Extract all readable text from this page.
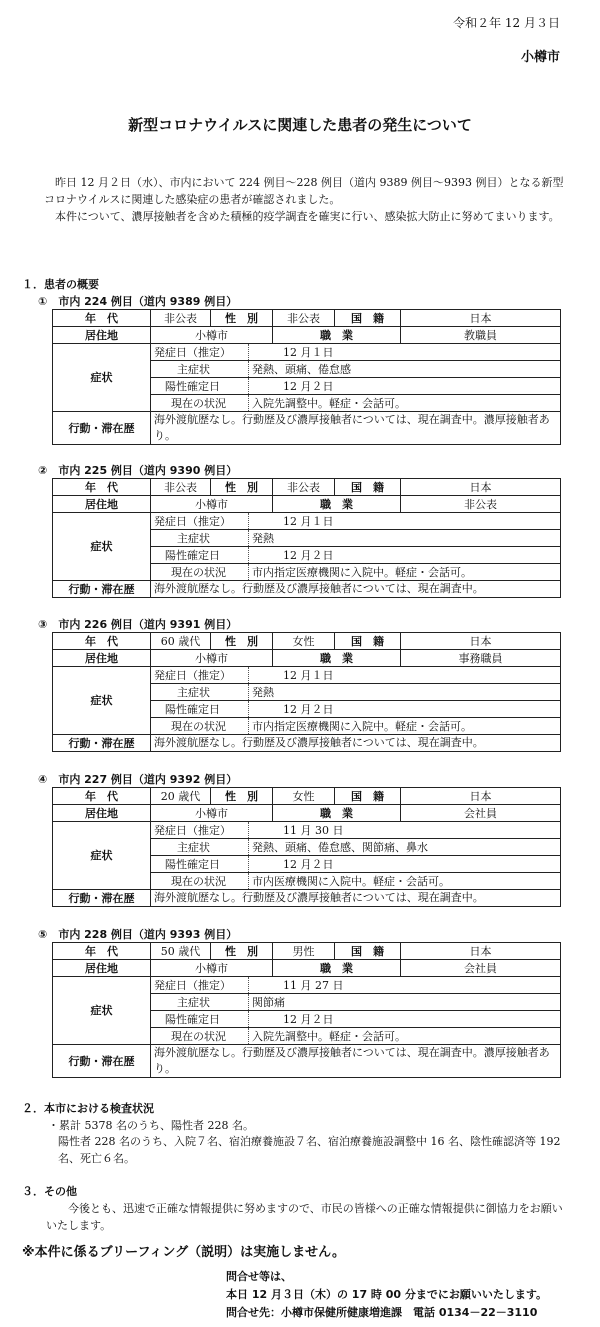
令和２年 12 月３日
小樽市
新型コロナウイルスに関連した患者の発生について
昨日 12 月２日（水）、市内において 224 例目～228 例目（道内 9389 例目～9393 例目）となる新型コロナウイルスに関連した感染症の患者が確認されました。
本件について、濃厚接触者を含めた積極的疫学調査を確実に行い、感染拡大防止に努めてまいります。
１．患者の概要
①　市内 224 例目（道内 9389 例目）
年　代	非公表	性　別		非公表	国　籍	日本
居住地	小樽市			職　業		教職員
症状	発症日（推定）		12 月１日			
	主症状		発熱、頭痛、倦怠感			
	陽性確定日		12 月２日			
	現在の状況		入院先調整中。軽症・会話可。			
行動・滞在歴	海外渡航歴なし。行動歴及び濃厚接触者については、現在調査中。濃厚接触者あり。					
②　市内 225 例目（道内 9390 例目）
年　代	非公表	性　別		非公表	国　籍	日本
居住地	小樽市			職　業		非公表
症状	発症日（推定）		12 月１日			
	主症状		発熱			
	陽性確定日		12 月２日			
	現在の状況		市内指定医療機関に入院中。軽症・会話可。			
行動・滞在歴	海外渡航歴なし。行動歴及び濃厚接触者については、現在調査中。					
③　市内 226 例目（道内 9391 例目）
年　代	60 歳代	性　別		女性	国　籍	日本
居住地	小樽市			職　業		事務職員
症状	発症日（推定）		12 月１日			
	主症状		発熱			
	陽性確定日		12 月２日			
	現在の状況		市内指定医療機関に入院中。軽症・会話可。			
行動・滞在歴	海外渡航歴なし。行動歴及び濃厚接触者については、現在調査中。					
④　市内 227 例目（道内 9392 例目）
年　代	20 歳代	性　別		女性	国　籍	日本
居住地	小樽市			職　業		会社員
症状	発症日（推定）		11 月 30 日			
	主症状		発熱、頭痛、倦怠感、関節痛、鼻水			
	陽性確定日		12 月２日			
	現在の状況		市内医療機関に入院中。軽症・会話可。			
行動・滞在歴	海外渡航歴なし。行動歴及び濃厚接触者については、現在調査中。					
⑤　市内 228 例目（道内 9393 例目）
年　代	50 歳代	性　別		男性	国　籍	日本
居住地	小樽市			職　業		会社員
症状	発症日（推定）		11 月 27 日			
	主症状		関節痛			
	陽性確定日		12 月２日			
	現在の状況		入院先調整中。軽症・会話可。			
行動・滞在歴	海外渡航歴なし。行動歴及び濃厚接触者については、現在調査中。濃厚接触者あり。					
２．本市における検査状況
・累計 5378 名のうち、陽性者 228 名。
陽性者 228 名のうち、入院７名、宿泊療養施設７名、宿泊療養施設調整中 16 名、陰性確認済等 192 名、死亡６名。
３．その他
今後とも、迅速で正確な情報提供に努めますので、市民の皆様への正確な情報提供に御協力をお願いいたします。
※本件に係るブリーフィング（説明）は実施しません。
問合せ等は、
本日 12 月３日（木）の 17 時 00 分までにお願いいたします。
問合せ先：小樽市保健所健康増進課　電話 0134－22－3110
